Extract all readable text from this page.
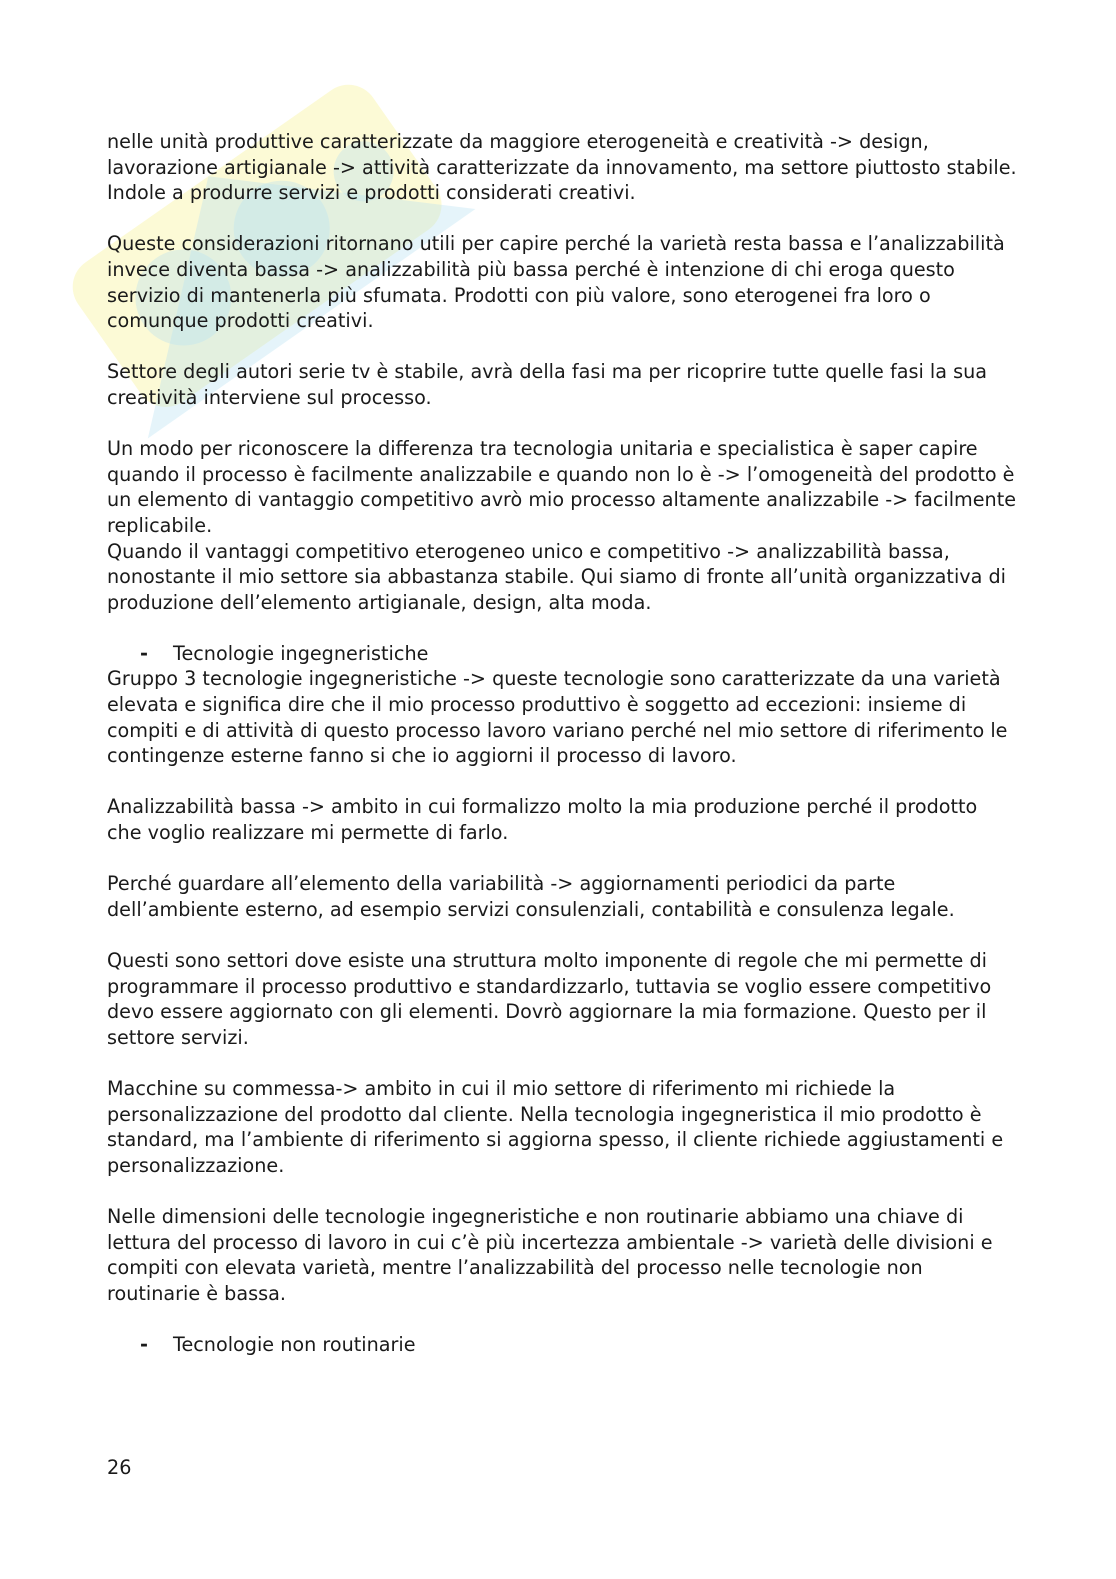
nelle unità produttive caratterizzate da maggiore eterogeneità e creatività -> design, lavorazione artigianale -> attività caratterizzate da innovamento, ma settore piuttosto stabile. Indole a produrre servizi e prodotti considerati creativi.

Queste considerazioni ritornano utili per capire perché la varietà resta bassa e l’analizzabilità invece diventa bassa -> analizzabilità più bassa perché è intenzione di chi eroga questo servizio di mantenerla più sfumata. Prodotti con più valore, sono eterogenei fra loro o comunque prodotti creativi.

Settore degli autori serie tv è stabile, avrà della fasi ma per ricoprire tutte quelle fasi la sua creatività interviene sul processo.

Un modo per riconoscere la differenza tra tecnologia unitaria e specialistica è saper capire quando il processo è facilmente analizzabile e quando non lo è -> l’omogeneità del prodotto è un elemento di vantaggio competitivo avrò mio processo altamente analizzabile -> facilmente replicabile.

Quando il vantaggi competitivo eterogeneo unico e competitivo -> analizzabilità bassa, nonostante il mio settore sia abbastanza stabile. Qui siamo di fronte all’unità organizzativa di produzione dell’elemento artigianale, design, alta moda.

-	Tecnologie ingegneristiche

Gruppo 3 tecnologie ingegneristiche -> queste tecnologie sono caratterizzate da una varietà elevata e significa dire che il mio processo produttivo è soggetto ad eccezioni: insieme di compiti e di attività di questo processo lavoro variano perché nel mio settore di riferimento le contingenze esterne fanno si che io aggiorni il processo di lavoro.

Analizzabilità bassa -> ambito in cui formalizzo molto la mia produzione perché il prodotto che voglio realizzare mi permette di farlo.

Perché guardare all’elemento della variabilità -> aggiornamenti periodici da parte dell’ambiente esterno, ad esempio servizi consulenziali, contabilità e consulenza legale.

Questi sono settori dove esiste una struttura molto imponente di regole che mi permette di programmare il processo produttivo e standardizzarlo, tuttavia se voglio essere competitivo devo essere aggiornato con gli elementi. Dovrò aggiornare la mia formazione. Questo per il settore servizi.

Macchine su commessa-> ambito in cui il mio settore di riferimento mi richiede la personalizzazione del prodotto dal cliente. Nella tecnologia ingegneristica il mio prodotto è standard, ma l’ambiente di riferimento si aggiorna spesso, il cliente richiede aggiustamenti e personalizzazione.

Nelle dimensioni delle tecnologie ingegneristiche e non routinarie abbiamo una chiave di lettura del processo di lavoro in cui c’è più incertezza ambientale -> varietà delle divisioni e compiti con elevata varietà, mentre l’analizzabilità del processo nelle tecnologie non routinarie è bassa.

-	Tecnologie non routinarie
26
